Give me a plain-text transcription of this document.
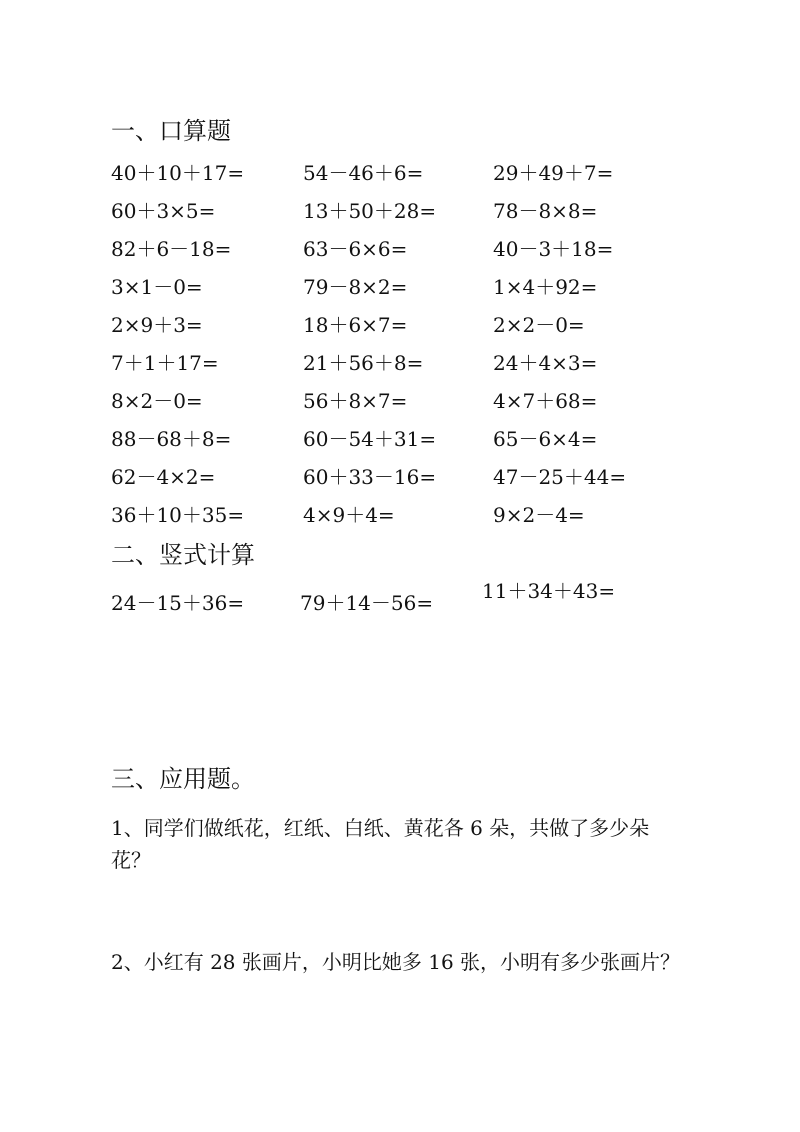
一、口算题
40＋10＋17=	54－46＋6=	29＋49＋7=
60＋3×5=	13＋50＋28=	78－8×8=
82＋6－18=	63－6×6=	40－3＋18=
3×1－0=	79－8×2=	1×4＋92=
2×9＋3=	18＋6×7=	2×2－0=
7＋1＋17=	21＋56＋8=	24＋4×3=
8×2－0=	56＋8×7=	4×7＋68=
88－68＋8=	60－54＋31=	65－6×4=
62－4×2=	60＋33－16=	47－25＋44=
36＋10＋35=	4×9＋4=	9×2－4=
二、竖式计算
24－15＋36=	79＋14－56= 11＋34＋43=
三、应用题。
1、同学们做纸花，红纸、白纸、黄花各 6 朵，共做了多少朵
花？
2、小红有 28 张画片，小明比她多 16 张，小明有多少张画片？
